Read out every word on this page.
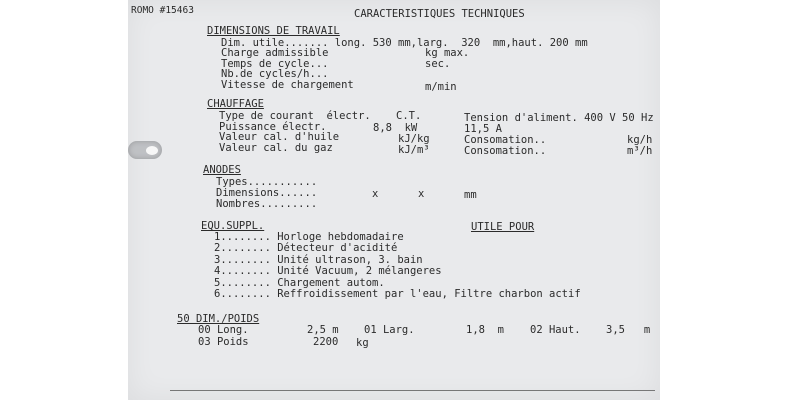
ROMO #15463	CARACTERISTIQUES TECHNIQUES
DIMENSIONS DE TRAVAIL
Dim. utile....... long. 530 mm,larg.  320  mm,haut. 200 mm
Charge admissible	kg max.
Temps de cycle...	sec.
Nb.de cycles/h...
Vitesse de chargement	m/min
CHAUFFAGE
Type de courant  électr.    C.T.	Tension d'aliment. 400 V 50 Hz
Puissance électr.	8,8  kW	11,5 A
Valeur cal. d'huile	kJ/kg	Consomation..	kg/h
Valeur cal. du gaz	kJ/m³	Consomation..	m³/h
ANODES
Types...........
Dimensions......	x	x	mm
Nombres.........
EQU.SUPPL.	UTILE POUR
1........ Horloge hebdomadaire
2........ Détecteur d'acidité
3........ Unité ultrason, 3. bain
4........ Unité Vacuum, 2 mélangeres
5........ Chargement autom.
6........ Reffroidissement par l'eau, Filtre charbon actif
50 DIM./POIDS
00 Long.	2,5 m 01 Larg.	1,8  m 02 Haut. 3,5   m
03 Poids	2200 kg
